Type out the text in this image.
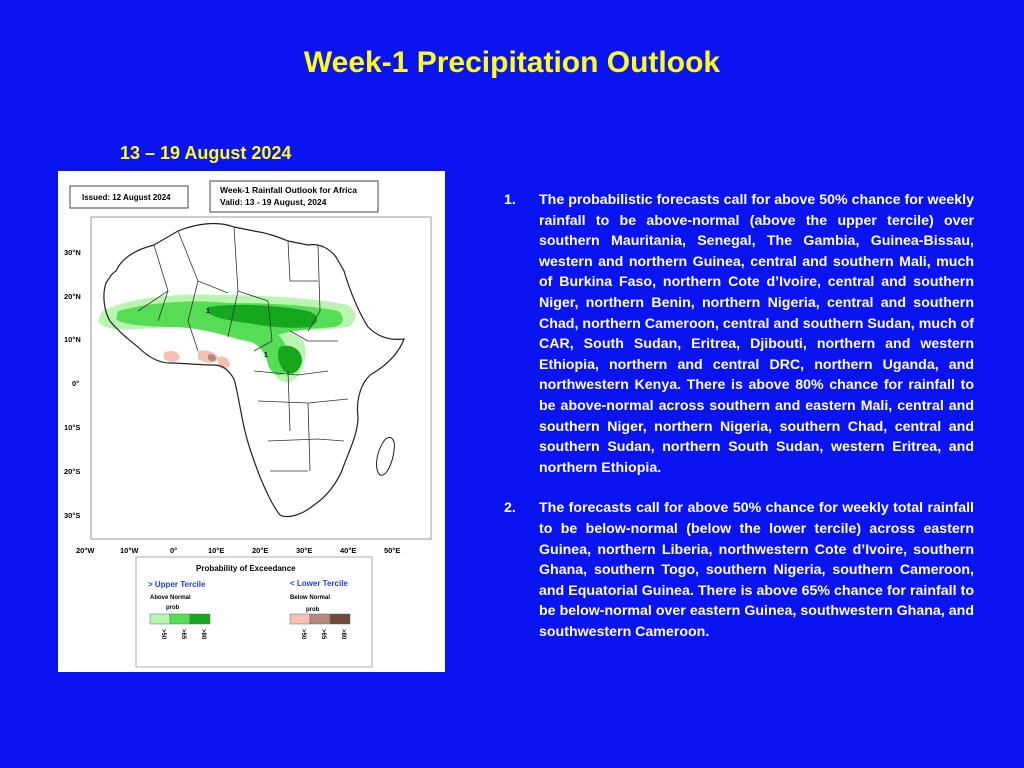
Week-1 Precipitation Outlook
13 – 19 August 2024
Issued: 12 August 2024
Week-1 Rainfall Outlook for Africa
Valid: 13 - 19 August, 2024
30°N
20°N
10°N
0°
10°S
20°S
30°S
20°W	10°W	0°	10°E	20°E	30°E	40°E	50°E
1
1
Probability of Exceedance
> Upper Tercile
Above Normal
prob
< Lower Tercile
Below Normal
prob
>50 >65 >80	>50 >65 >80
1.	The probabilistic forecasts call for above 50% chance for weekly rainfall to be above-normal (above the upper tercile) over southern Mauritania, Senegal, The Gambia, Guinea-Bissau, western and northern Guinea, central and southern Mali, much of Burkina Faso, northern Cote d’Ivoire, central and southern Niger, northern Benin, northern Nigeria, central and southern Chad, northern Cameroon, central and southern Sudan, much of CAR, South Sudan, Eritrea, Djibouti, northern and western Ethiopia, northern and central DRC, northern Uganda, and northwestern Kenya. There is above 80% chance for rainfall to be above-normal across southern and eastern Mali, central and southern Niger, northern Nigeria, southern Chad, central and southern Sudan, northern South Sudan, western Eritrea, and northern Ethiopia.
2.	The forecasts call for above 50% chance for weekly total rainfall to be below-normal (below the lower tercile) across eastern Guinea, northern Liberia, northwestern Cote d’Ivoire, southern Ghana, southern Togo, southern Nigeria, southern Cameroon, and Equatorial Guinea. There is above 65% chance for rainfall to be below-normal over eastern Guinea, southwestern Ghana, and southwestern Cameroon.
